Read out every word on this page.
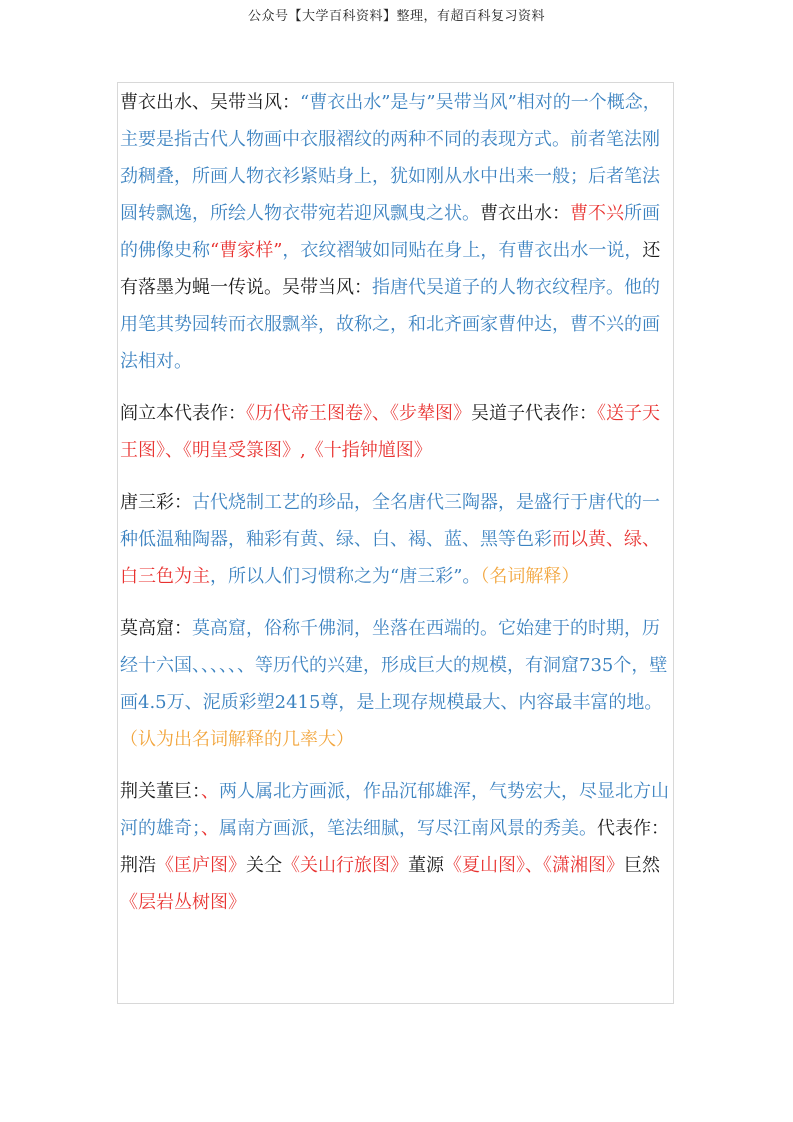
公众号【大学百科资料】整理，有超百科复习资料

曹衣出水、吴带当风：“曹衣出水”是与”吴带当风”相对的一个概念，主要是指古代人物画中衣服褶纹的两种不同的表现方式。前者笔法刚劲稠叠，所画人物衣衫紧贴身上，犹如刚从水中出来一般；后者笔法圆转飘逸，所绘人物衣带宛若迎风飘曳之状。曹衣出水：曹不兴所画的佛像史称“曹家样”，衣纹褶皱如同贴在身上，有曹衣出水一说，还有落墨为蝇一传说。吴带当风：指唐代吴道子的人物衣纹程序。他的用笔其势园转而衣服飘举，故称之，和北齐画家曹仲达，曹不兴的画法相对。

阎立本代表作：《历代帝王图卷》、《步辇图》吴道子代表作：《送子天王图》、《明皇受箓图》,《十指钟馗图》

唐三彩：古代烧制工艺的珍品，全名唐代三陶器，是盛行于唐代的一种低温釉陶器，釉彩有黄、绿、白、褐、蓝、黑等色彩而以黄、绿、白三色为主，所以人们习惯称之为“唐三彩”。（名词解释）

莫高窟：莫高窟，俗称千佛洞，坐落在西端的。它始建于的时期，历经十六国、、、、、、等历代的兴建，形成巨大的规模，有洞窟735个，壁画4.5万、泥质彩塑2415尊，是上现存规模最大、内容最丰富的地。（认为出名词解释的几率大）

荆关董巨：、两人属北方画派，作品沉郁雄浑，气势宏大，尽显北方山河的雄奇；、属南方画派，笔法细腻，写尽江南风景的秀美。代表作：荆浩《匡庐图》关仝《关山行旅图》董源《夏山图》、《潇湘图》巨然《层岩丛树图》
